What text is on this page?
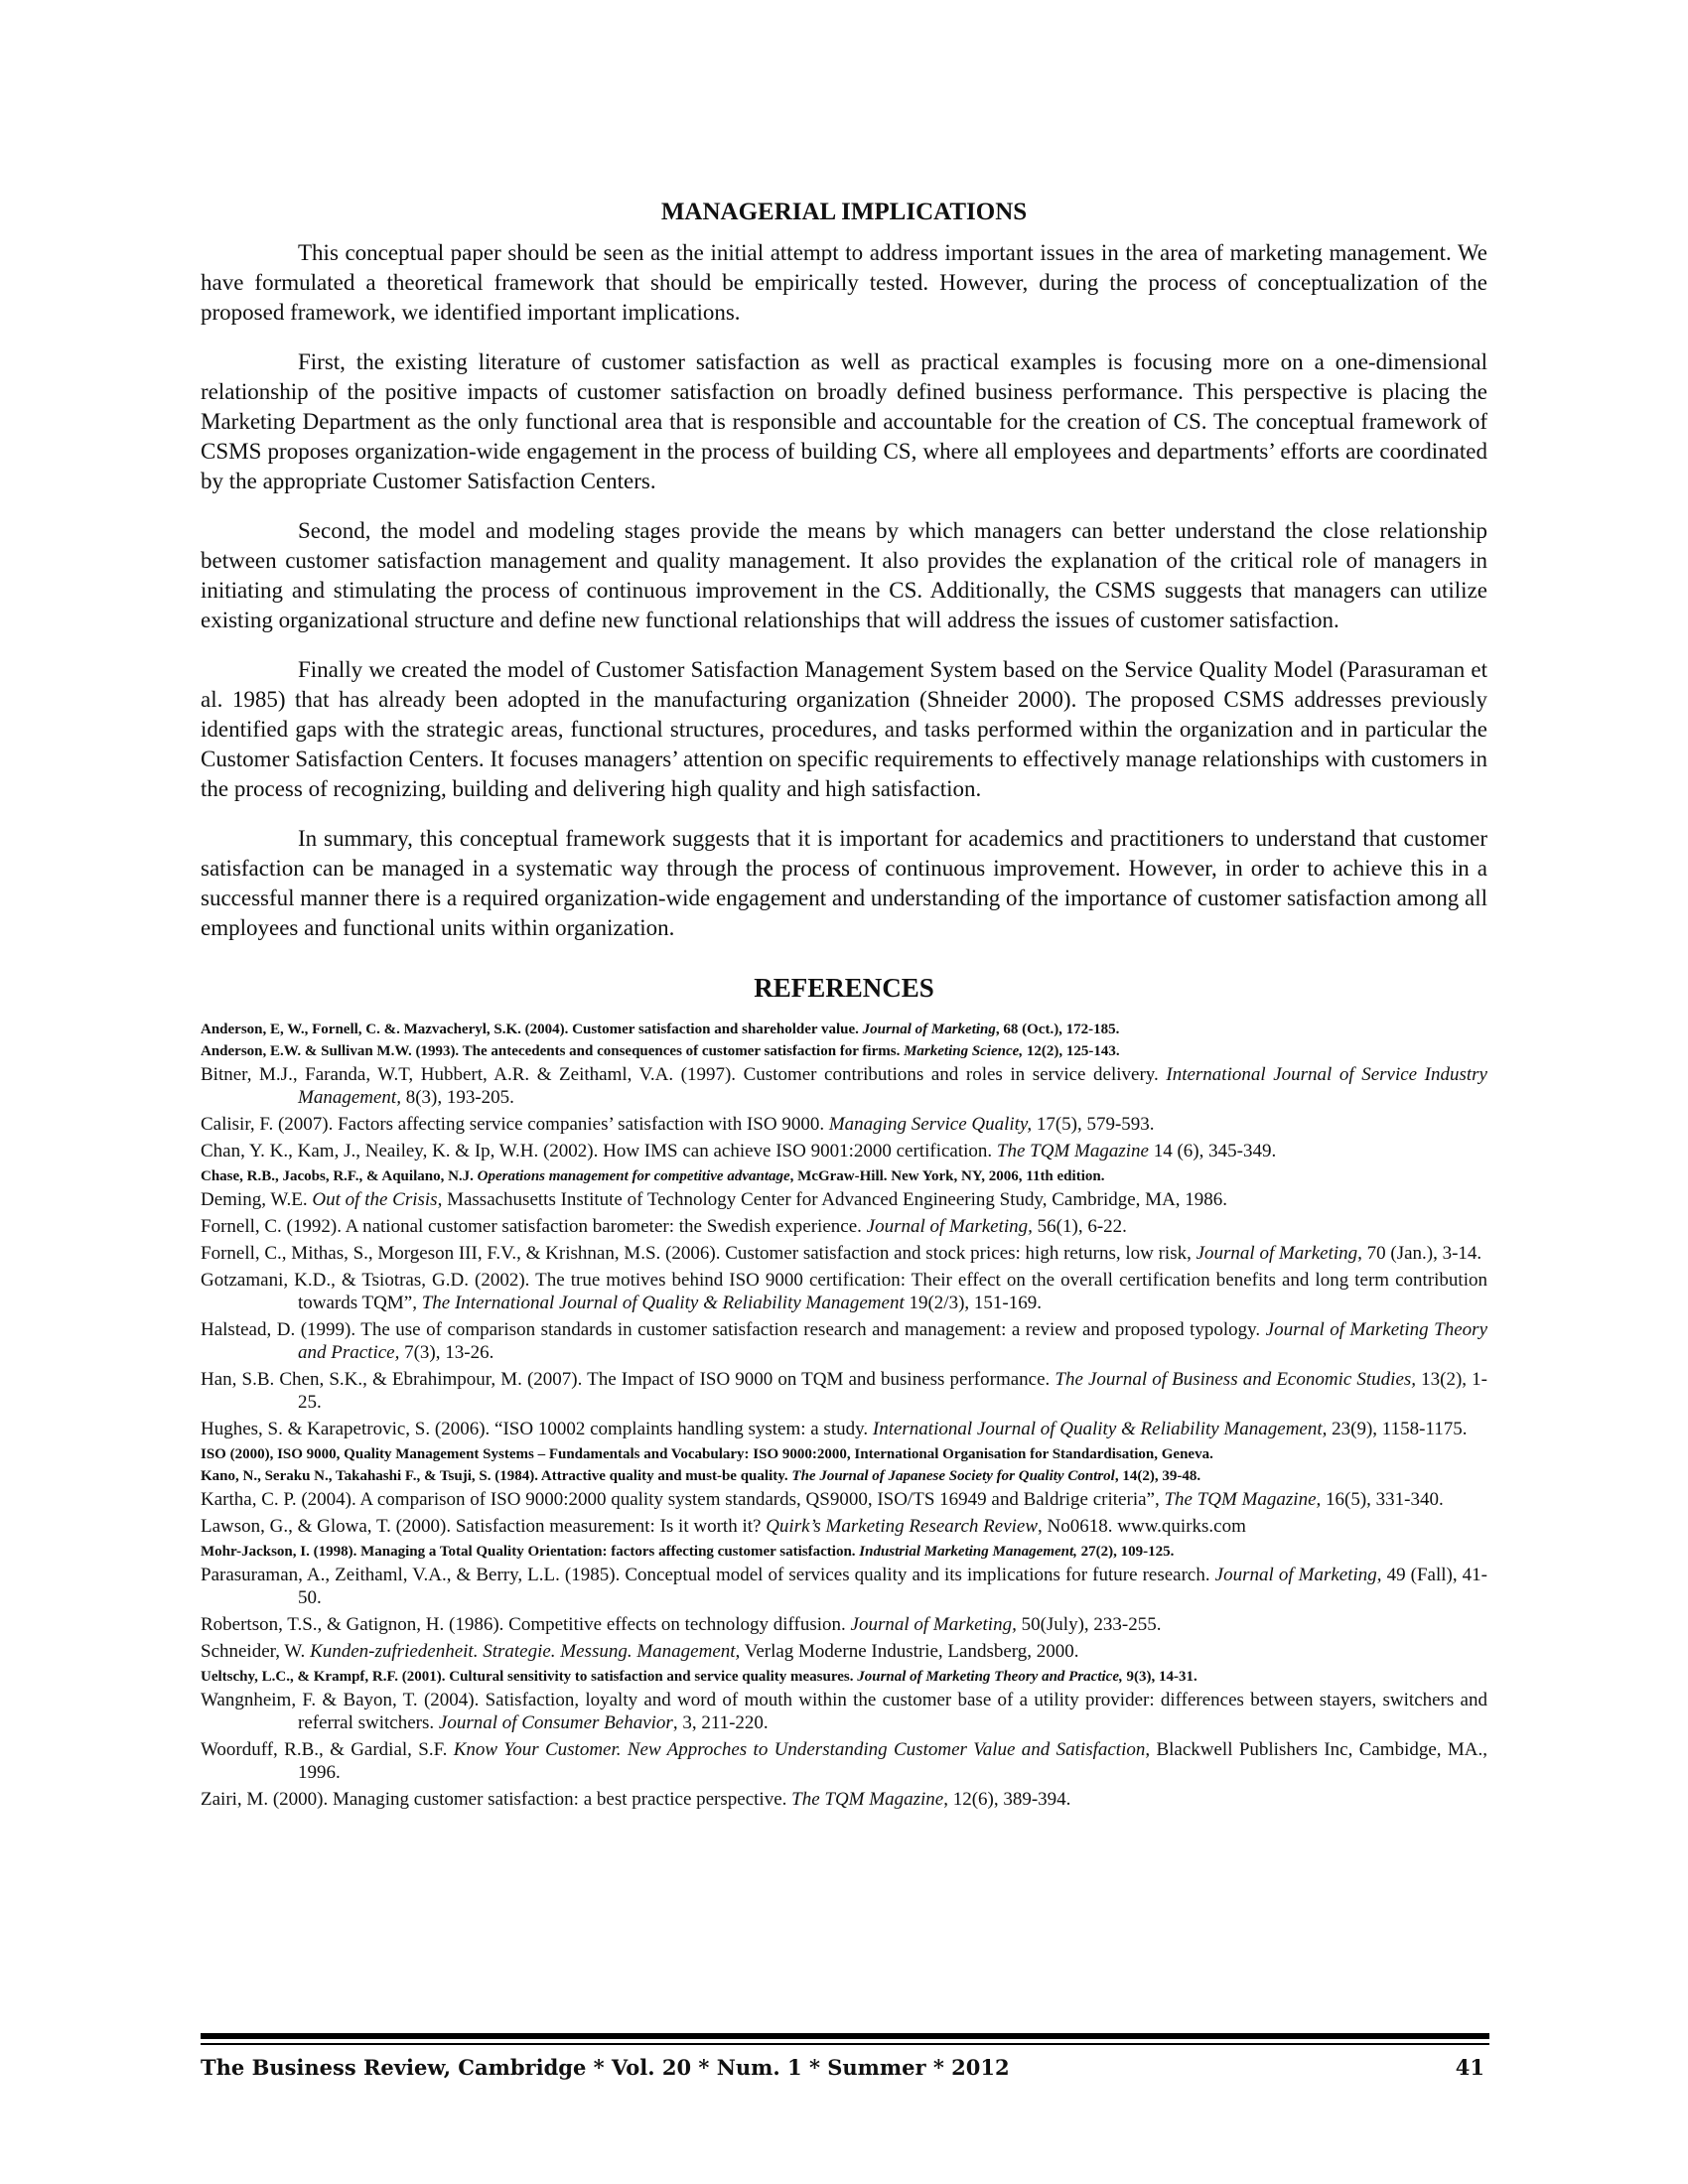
MANAGERIAL IMPLICATIONS

This conceptual paper should be seen as the initial attempt to address important issues in the area of marketing management. We have formulated a theoretical framework that should be empirically tested. However, during the process of conceptualization of the proposed framework, we identified important implications.

First, the existing literature of customer satisfaction as well as practical examples is focusing more on a one-dimensional relationship of the positive impacts of customer satisfaction on broadly defined business performance. This perspective is placing the Marketing Department as the only functional area that is responsible and accountable for the creation of CS. The conceptual framework of CSMS proposes organization-wide engagement in the process of building CS, where all employees and departments’ efforts are coordinated by the appropriate Customer Satisfaction Centers.

Second, the model and modeling stages provide the means by which managers can better understand the close relationship between customer satisfaction management and quality management. It also provides the explanation of the critical role of managers in initiating and stimulating the process of continuous improvement in the CS. Additionally, the CSMS suggests that managers can utilize existing organizational structure and define new functional relationships that will address the issues of customer satisfaction.

Finally we created the model of Customer Satisfaction Management System based on the Service Quality Model (Parasuraman et al. 1985) that has already been adopted in the manufacturing organization (Shneider 2000). The proposed CSMS addresses previously identified gaps with the strategic areas, functional structures, procedures, and tasks performed within the organization and in particular the Customer Satisfaction Centers. It focuses managers’ attention on specific requirements to effectively manage relationships with customers in the process of recognizing, building and delivering high quality and high satisfaction.

In summary, this conceptual framework suggests that it is important for academics and practitioners to understand that customer satisfaction can be managed in a systematic way through the process of continuous improvement. However, in order to achieve this in a successful manner there is a required organization-wide engagement and understanding of the importance of customer satisfaction among all employees and functional units within organization.

REFERENCES

Anderson, E, W., Fornell, C. &. Mazvacheryl, S.K. (2004). Customer satisfaction and shareholder value. Journal of Marketing, 68 (Oct.), 172-185.

Anderson, E.W. & Sullivan M.W. (1993). The antecedents and consequences of customer satisfaction for firms. Marketing Science, 12(2), 125-143.

Bitner, M.J., Faranda, W.T, Hubbert, A.R. & Zeithaml, V.A. (1997). Customer contributions and roles in service delivery. International Journal of Service Industry Management, 8(3), 193-205.

Calisir, F. (2007). Factors affecting service companies’ satisfaction with ISO 9000. Managing Service Quality, 17(5), 579-593.

Chan, Y. K., Kam, J., Neailey, K. & Ip, W.H. (2002). How IMS can achieve ISO 9001:2000 certification. The TQM Magazine 14 (6), 345-349.

Chase, R.B., Jacobs, R.F., & Aquilano, N.J. Operations management for competitive advantage, McGraw-Hill. New York, NY, 2006, 11th edition.

Deming, W.E. Out of the Crisis, Massachusetts Institute of Technology Center for Advanced Engineering Study, Cambridge, MA, 1986.

Fornell, C. (1992). A national customer satisfaction barometer: the Swedish experience. Journal of Marketing, 56(1), 6-22.

Fornell, C., Mithas, S., Morgeson III, F.V., & Krishnan, M.S. (2006). Customer satisfaction and stock prices: high returns, low risk, Journal of Marketing, 70 (Jan.), 3-14.

Gotzamani, K.D., & Tsiotras, G.D. (2002). The true motives behind ISO 9000 certification: Their effect on the overall certification benefits and long term contribution towards TQM”, The International Journal of Quality & Reliability Management 19(2/3), 151-169.

Halstead, D. (1999). The use of comparison standards in customer satisfaction research and management: a review and proposed typology. Journal of Marketing Theory and Practice, 7(3), 13-26.

Han, S.B. Chen, S.K., & Ebrahimpour, M. (2007). The Impact of ISO 9000 on TQM and business performance. The Journal of Business and Economic Studies, 13(2), 1-25.

Hughes, S. & Karapetrovic, S. (2006). “ISO 10002 complaints handling system: a study. International Journal of Quality & Reliability Management, 23(9), 1158-1175.

ISO (2000), ISO 9000, Quality Management Systems – Fundamentals and Vocabulary: ISO 9000:2000, International Organisation for Standardisation, Geneva.

Kano, N., Seraku N., Takahashi F., & Tsuji, S. (1984). Attractive quality and must-be quality. The Journal of Japanese Society for Quality Control, 14(2), 39-48.

Kartha, C. P. (2004). A comparison of ISO 9000:2000 quality system standards, QS9000, ISO/TS 16949 and Baldrige criteria”, The TQM Magazine, 16(5), 331-340.

Lawson, G., & Glowa, T. (2000). Satisfaction measurement: Is it worth it? Quirk’s Marketing Research Review, No0618. www.quirks.com

Mohr-Jackson, I. (1998). Managing a Total Quality Orientation: factors affecting customer satisfaction. Industrial Marketing Management, 27(2), 109-125.

Parasuraman, A., Zeithaml, V.A., & Berry, L.L. (1985). Conceptual model of services quality and its implications for future research. Journal of Marketing, 49 (Fall), 41-50.

Robertson, T.S., & Gatignon, H. (1986). Competitive effects on technology diffusion. Journal of Marketing, 50(July), 233-255.

Schneider, W. Kunden-zufriedenheit. Strategie. Messung. Management, Verlag Moderne Industrie, Landsberg, 2000.

Ueltschy, L.C., & Krampf, R.F. (2001). Cultural sensitivity to satisfaction and service quality measures. Journal of Marketing Theory and Practice, 9(3), 14-31.

Wangnheim, F. & Bayon, T. (2004). Satisfaction, loyalty and word of mouth within the customer base of a utility provider: differences between stayers, switchers and referral switchers. Journal of Consumer Behavior, 3, 211-220.

Woorduff, R.B., & Gardial, S.F. Know Your Customer. New Approches to Understanding Customer Value and Satisfaction, Blackwell Publishers Inc, Cambidge, MA., 1996.

Zairi, M. (2000). Managing customer satisfaction: a best practice perspective. The TQM Magazine, 12(6), 389-394.

The Business Review, Cambridge * Vol. 20 * Num. 1 * Summer * 2012	41
